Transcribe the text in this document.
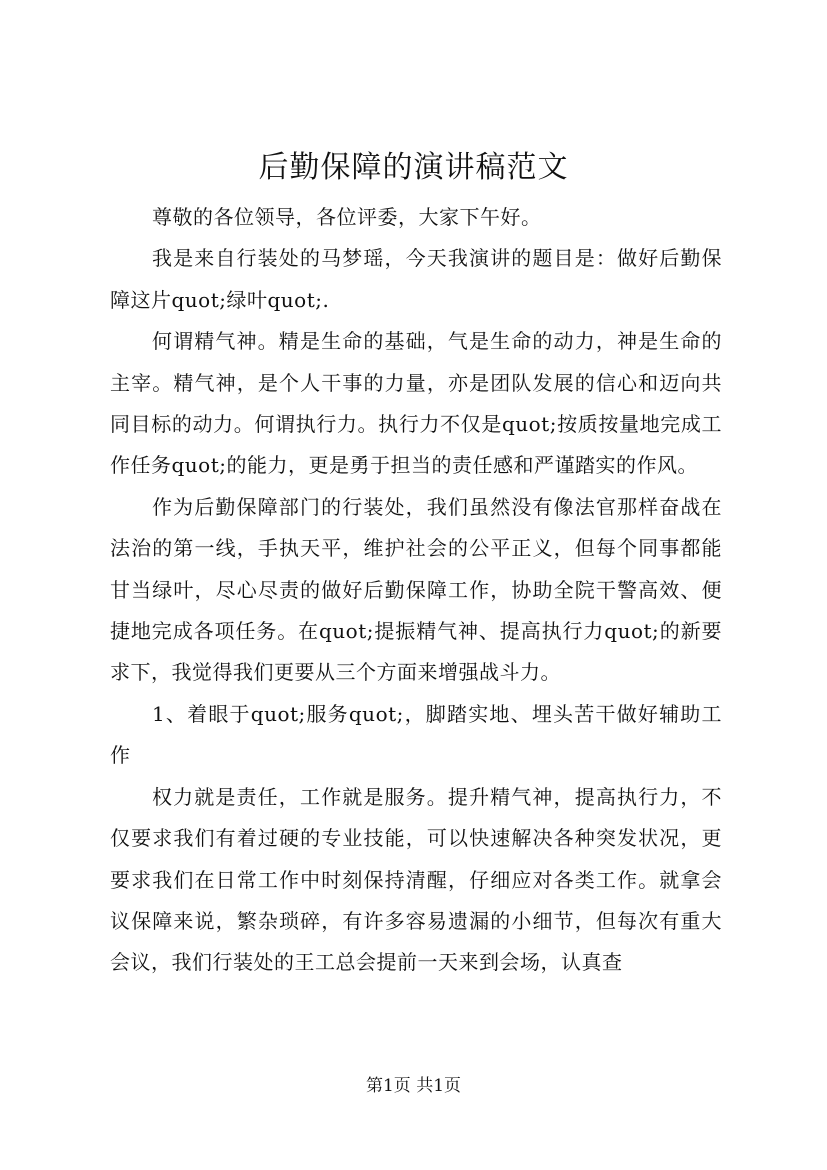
后勤保障的演讲稿范文

尊敬的各位领导，各位评委，大家下午好。

我是来自行装处的马梦瑶，今天我演讲的题目是：做好后勤保障这片quot;绿叶quot;.

何谓精气神。精是生命的基础，气是生命的动力，神是生命的主宰。精气神，是个人干事的力量，亦是团队发展的信心和迈向共同目标的动力。何谓执行力。执行力不仅是quot;按质按量地完成工作任务quot;的能力，更是勇于担当的责任感和严谨踏实的作风。

作为后勤保障部门的行装处，我们虽然没有像法官那样奋战在法治的第一线，手执天平，维护社会的公平正义，但每个同事都能甘当绿叶，尽心尽责的做好后勤保障工作，协助全院干警高效、便捷地完成各项任务。在quot;提振精气神、提高执行力quot;的新要求下，我觉得我们更要从三个方面来增强战斗力。

1、着眼于quot;服务quot;，脚踏实地、埋头苦干做好辅助工作

权力就是责任，工作就是服务。提升精气神，提高执行力，不仅要求我们有着过硬的专业技能，可以快速解决各种突发状况，更要求我们在日常工作中时刻保持清醒，仔细应对各类工作。就拿会议保障来说，繁杂琐碎，有许多容易遗漏的小细节，但每次有重大会议，我们行装处的王工总会提前一天来到会场，认真查

第1页 共1页
